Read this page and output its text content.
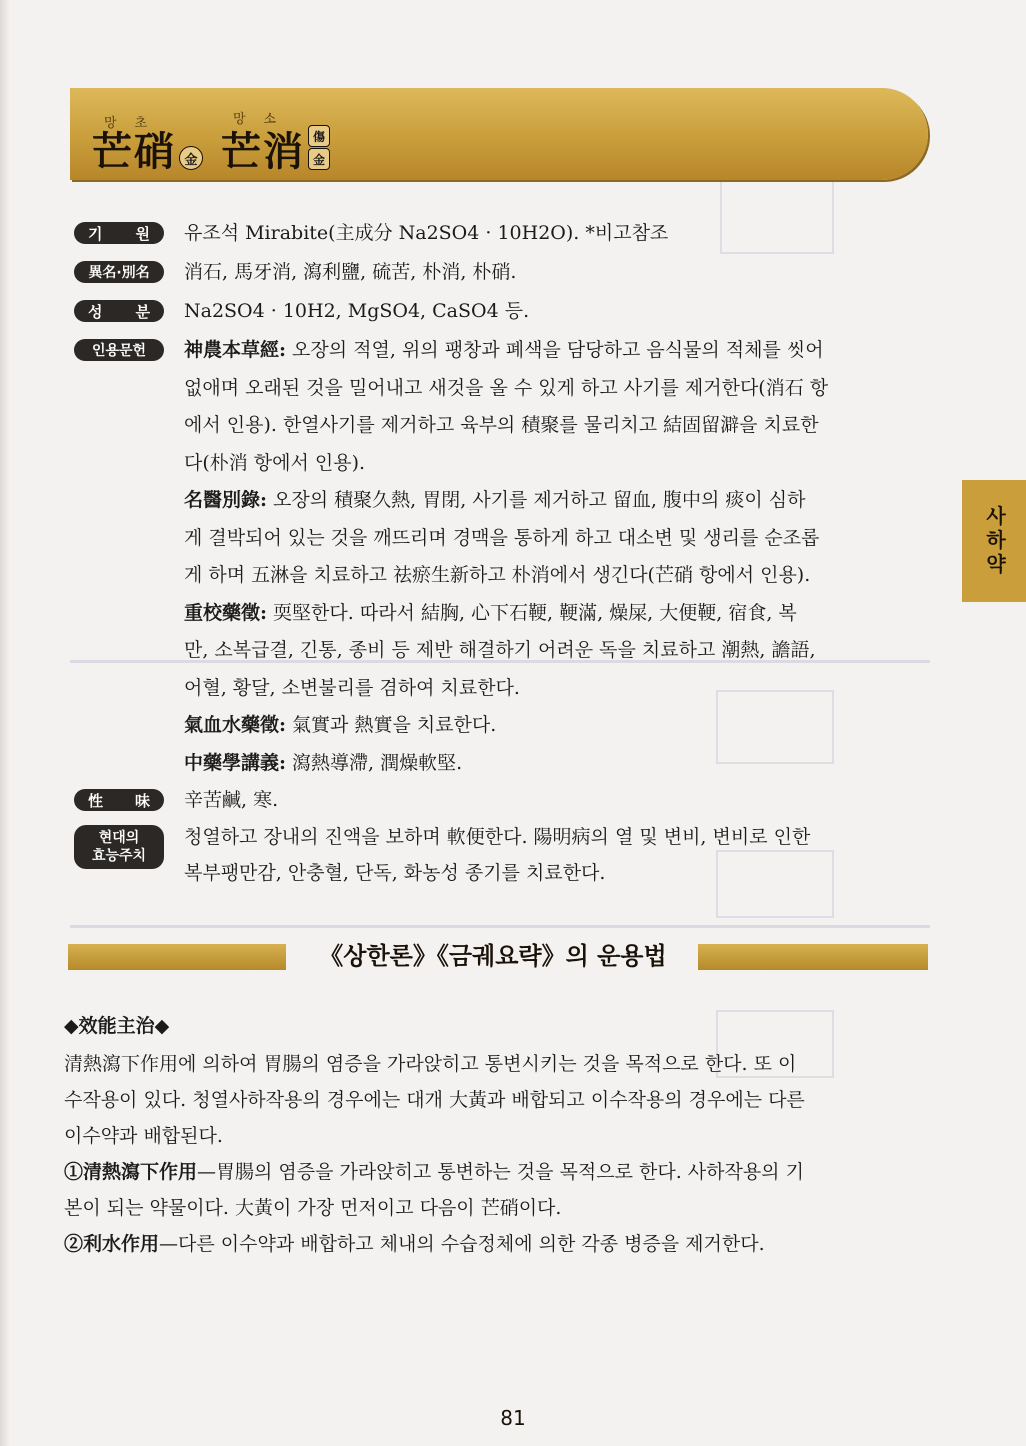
망초
芒硝 金
망소
芒消 傷
金
기 원 유조석 Mirabite(主成分 Na2SO4 · 10H2O). *비고참조
異名·別名	消石, 馬牙消, 瀉利鹽, 硫苦, 朴消, 朴硝.
성 분 Na2SO4 · 10H2, MgSO4, CaSO4 등.
인용문헌	神農本草經: 오장의 적열, 위의 팽창과 폐색을 담당하고 음식물의 적체를 씻어
없애며 오래된 것을 밀어내고 새것을 올 수 있게 하고 사기를 제거한다(消石 항
에서 인용). 한열사기를 제거하고 육부의 積聚를 물리치고 結固留澼을 치료한
다(朴消 항에서 인용).
名醫別錄: 오장의 積聚久熱, 胃閉, 사기를 제거하고 留血, 腹中의 痰이 심하
게 결박되어 있는 것을 깨뜨리며 경맥을 통하게 하고 대소변 및 생리를 순조롭
게 하며 五淋을 치료하고 祛瘀生新하고 朴消에서 생긴다(芒硝 항에서 인용).
重校藥徵: 耎堅한다. 따라서 結胸, 心下石鞕, 鞕滿, 燥屎, 大便鞕, 宿食, 복
만, 소복급결, 긴통, 종비 등 제반 해결하기 어려운 독을 치료하고 潮熱, 譫語,
어혈, 황달, 소변불리를 겸하여 치료한다.
氣血水藥徵: 氣實과 熱實을 치료한다.
中藥學講義: 瀉熱導滯, 潤燥軟堅.
性 味 辛苦鹹, 寒.
현대의
효능주치
청열하고 장내의 진액을 보하며 軟便한다. 陽明病의 열 및 변비, 변비로 인한
복부팽만감, 안충혈, 단독, 화농성 종기를 치료한다.
사하약
《상한론》《금궤요략》의 운용법
◆效能主治◆
清熱瀉下作用에 의하여 胃腸의 염증을 가라앉히고 통변시키는 것을 목적으로 한다. 또 이
수작용이 있다. 청열사하작용의 경우에는 대개 大黃과 배합되고 이수작용의 경우에는 다른
이수약과 배합된다.
①清熱瀉下作用—胃腸의 염증을 가라앉히고 통변하는 것을 목적으로 한다. 사하작용의 기
본이 되는 약물이다. 大黃이 가장 먼저이고 다음이 芒硝이다.
②利水作用—다른 이수약과 배합하고 체내의 수습정체에 의한 각종 병증을 제거한다.
81
